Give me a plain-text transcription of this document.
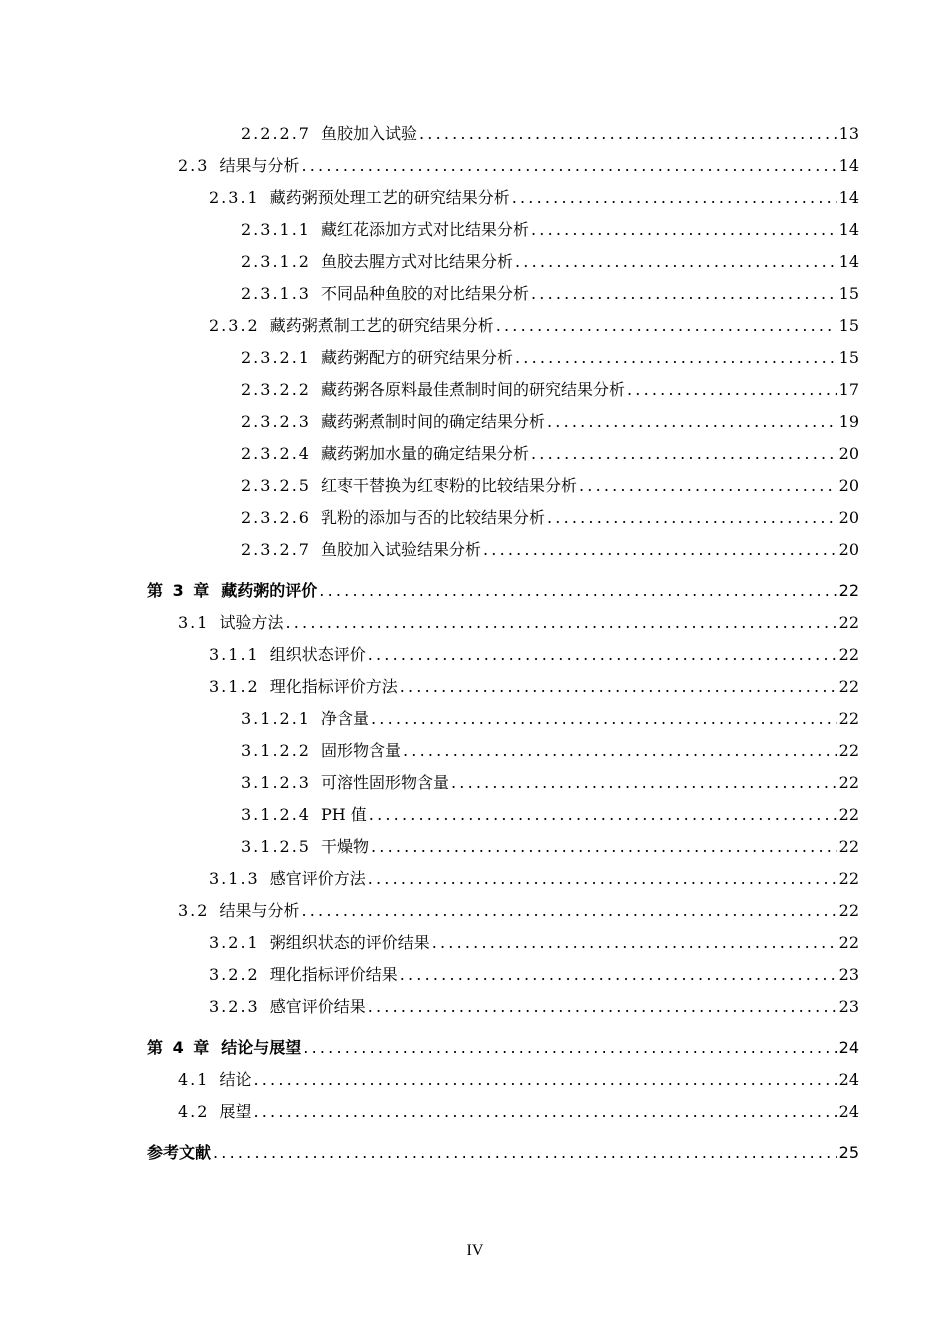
2.2.2.7 鱼胶加入试验 .....	13
2.3 结果与分析 .....	14
2.3.1 藏药粥预处理工艺的研究结果分析 .....	14
2.3.1.1 藏红花添加方式对比结果分析 .....	14
2.3.1.2 鱼胶去腥方式对比结果分析 .....	14
2.3.1.3 不同品种鱼胶的对比结果分析 .....	15
2.3.2 藏药粥煮制工艺的研究结果分析 .....	15
2.3.2.1 藏药粥配方的研究结果分析 .....	15
2.3.2.2 藏药粥各原料最佳煮制时间的研究结果分析 .....	17
2.3.2.3 藏药粥煮制时间的确定结果分析 .....	19
2.3.2.4 藏药粥加水量的确定结果分析 .....	20
2.3.2.5 红枣干替换为红枣粉的比较结果分析 .....	20
2.3.2.6 乳粉的添加与否的比较结果分析 .....	20
2.3.2.7 鱼胶加入试验结果分析 .....	20
第 3 章 藏药粥的评价 .....	22
3.1 试验方法 .....	22
3.1.1 组织状态评价 .....	22
3.1.2 理化指标评价方法 .....	22
3.1.2.1 净含量 .....	22
3.1.2.2 固形物含量 .....	22
3.1.2.3 可溶性固形物含量 .....	22
3.1.2.4 PH 值 .....	22
3.1.2.5 干燥物 .....	22
3.1.3 感官评价方法 .....	22
3.2 结果与分析 .....	22
3.2.1 粥组织状态的评价结果 .....	22
3.2.2 理化指标评价结果 .....	23
3.2.3 感官评价结果 .....	23
第 4 章 结论与展望 .....	24
4.1 结论 .....	24
4.2 展望 .....	24
参考文献 .....	25
IV
